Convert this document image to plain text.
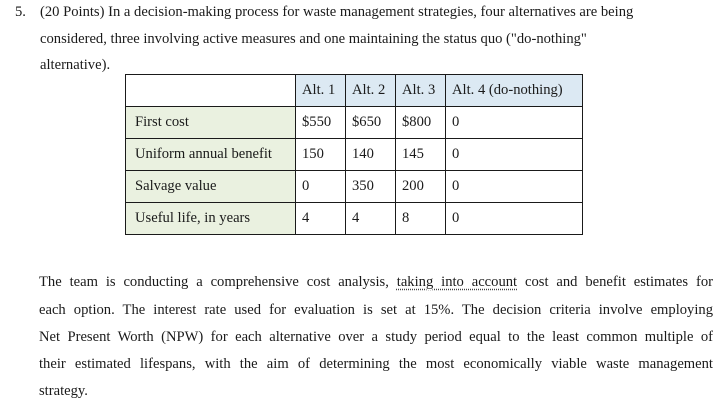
5. (20 Points) In a decision-making process for waste management strategies, four alternatives are being
considered, three involving active measures and one maintaining the status quo ("do-nothing"
alternative).
	Alt. 1	Alt. 2	Alt. 3	Alt. 4 (do-nothing)
First cost	$550	$650	$800	0
Uniform annual benefit	150	140	145	0
Salvage value	0	350	200	0
Useful life, in years	4	4	8	0
The team is conducting a comprehensive cost analysis, taking into account cost and benefit estimates for
each option. The interest rate used for evaluation is set at 15%. The decision criteria involve employing
Net Present Worth (NPW) for each alternative over a study period equal to the least common multiple of
their estimated lifespans, with the aim of determining the most economically viable waste management
strategy.
